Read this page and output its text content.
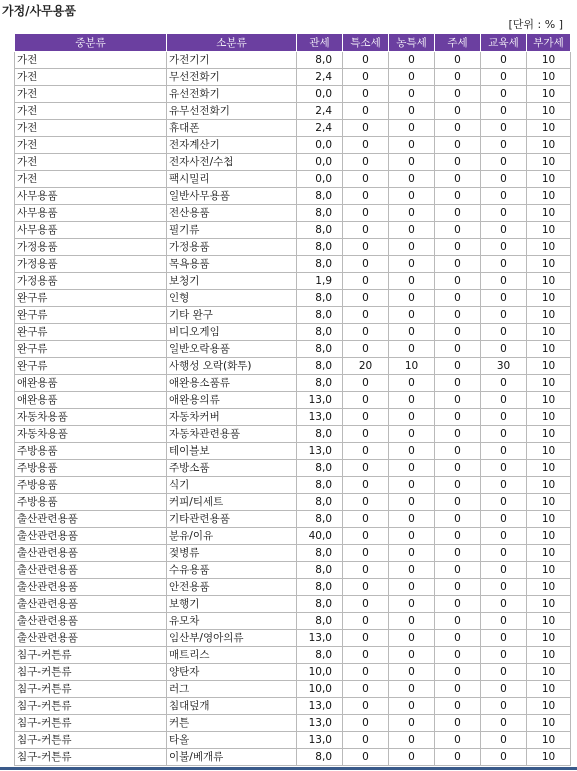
가정/사무용품
[단위 : % ]
중분류	소분류	관세	특소세	농특세	주세	교육세	부가세
가전	가전기기	8,0	0	0	0	0	10
가전	무선전화기	2,4	0	0	0	0	10
가전	유선전화기	0,0	0	0	0	0	10
가전	유무선전화기	2,4	0	0	0	0	10
가전	휴대폰	2,4	0	0	0	0	10
가전	전자계산기	0,0	0	0	0	0	10
가전	전자사전/수첩	0,0	0	0	0	0	10
가전	팩시밀리	0,0	0	0	0	0	10
사무용품	일반사무용품	8,0	0	0	0	0	10
사무용품	전산용품	8,0	0	0	0	0	10
사무용품	필기류	8,0	0	0	0	0	10
가정용품	가정용품	8,0	0	0	0	0	10
가정용품	목욕용품	8,0	0	0	0	0	10
가정용품	보청기	1,9	0	0	0	0	10
완구류	인형	8,0	0	0	0	0	10
완구류	기타 완구	8,0	0	0	0	0	10
완구류	비디오게임	8,0	0	0	0	0	10
완구류	일반오락용품	8,0	0	0	0	0	10
완구류	사행성 오락(화투)	8,0	20	10	0	30	10
애완용품	애완용소품류	8,0	0	0	0	0	10
애완용품	애완용의류	13,0	0	0	0	0	10
자동차용품	자동차커버	13,0	0	0	0	0	10
자동차용품	자동차관련용품	8,0	0	0	0	0	10
주방용품	테이블보	13,0	0	0	0	0	10
주방용품	주방소품	8,0	0	0	0	0	10
주방용품	식기	8,0	0	0	0	0	10
주방용품	커피/티세트	8,0	0	0	0	0	10
출산관련용품	기타관련용품	8,0	0	0	0	0	10
출산관련용품	분유/이유	40,0	0	0	0	0	10
출산관련용품	젖병류	8,0	0	0	0	0	10
출산관련용품	수유용품	8,0	0	0	0	0	10
출산관련용품	안전용품	8,0	0	0	0	0	10
출산관련용품	보행기	8,0	0	0	0	0	10
출산관련용품	유모차	8,0	0	0	0	0	10
출산관련용품	임산부/영아의류	13,0	0	0	0	0	10
침구-커튼류	매트리스	8,0	0	0	0	0	10
침구-커튼류	양탄자	10,0	0	0	0	0	10
침구-커튼류	러그	10,0	0	0	0	0	10
침구-커튼류	침대덮개	13,0	0	0	0	0	10
침구-커튼류	커튼	13,0	0	0	0	0	10
침구-커튼류	타올	13,0	0	0	0	0	10
침구-커튼류	이불/베개류	8,0	0	0	0	0	10
